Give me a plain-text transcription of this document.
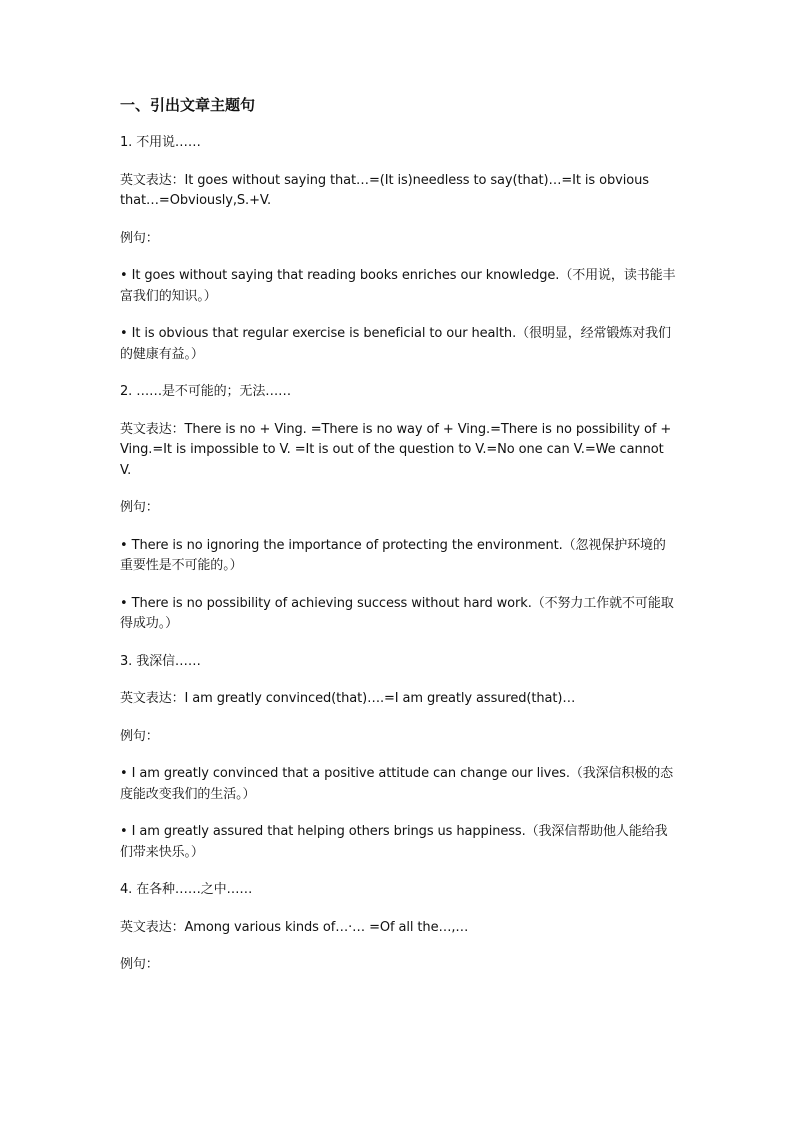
一、引出文章主题句
1. 不用说……
英文表达：It goes without saying that…=(It is)needless to say(that)…=It is obvious that…=Obviously,S.+V.
例句：
• It goes without saying that reading books enriches our knowledge.（不用说，读书能丰富我们的知识。）
• It is obvious that regular exercise is beneficial to our health.（很明显，经常锻炼对我们的健康有益。）
2. ……是不可能的；无法……
英文表达：There is no + Ving. =There is no way of + Ving.=There is no possibility of + Ving.=It is impossible to V. =It is out of the question to V.=No one can V.=We cannot V.
例句：
• There is no ignoring the importance of protecting the environment.（忽视保护环境的重要性是不可能的。）
• There is no possibility of achieving success without hard work.（不努力工作就不可能取得成功。）
3. 我深信……
英文表达：I am greatly convinced(that)….=I am greatly assured(that)…
例句：
• I am greatly convinced that a positive attitude can change our lives.（我深信积极的态度能改变我们的生活。）
• I am greatly assured that helping others brings us happiness.（我深信帮助他人能给我们带来快乐。）
4. 在各种……之中……
英文表达：Among various kinds of…·… =Of all the…,…
例句：
